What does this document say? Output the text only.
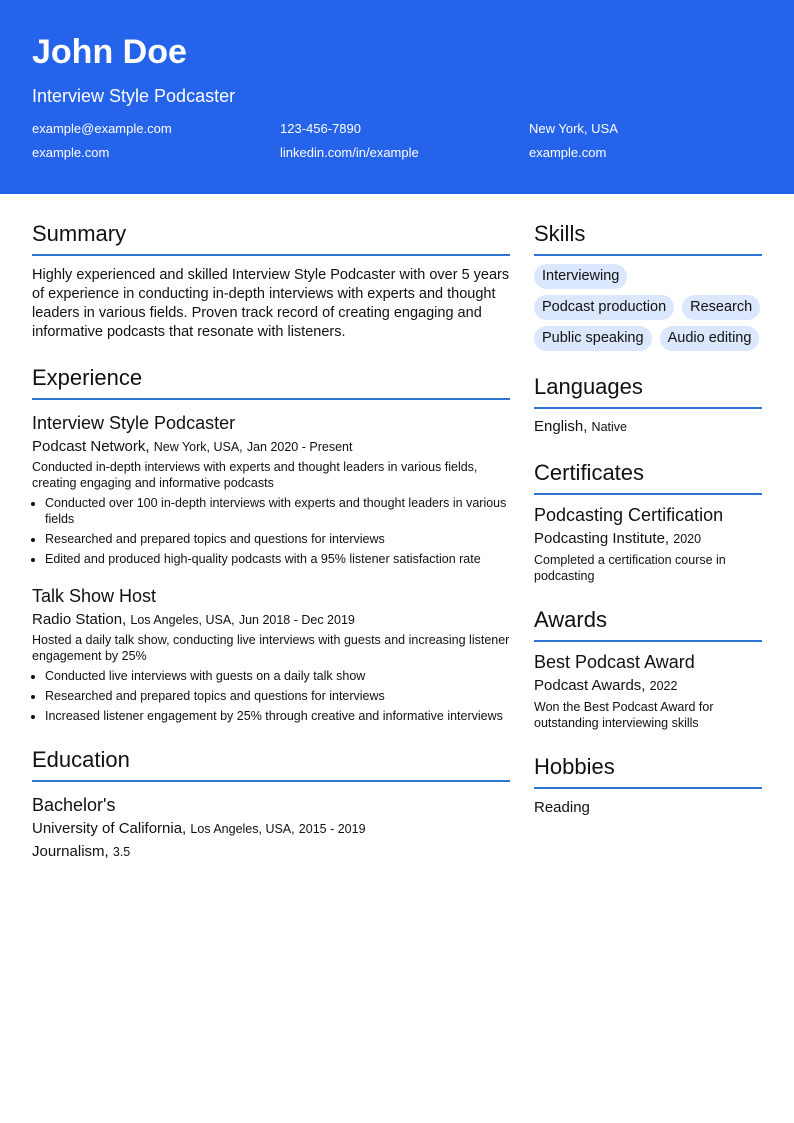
John Doe
Interview Style Podcaster
example@example.com	123-456-7890	New York, USA
example.com	linkedin.com/in/example	example.com
Summary
Highly experienced and skilled Interview Style Podcaster with over 5 years of experience in conducting in-depth interviews with experts and thought leaders in various fields. Proven track record of creating engaging and informative podcasts that resonate with listeners.
Experience
Interview Style Podcaster
Podcast Network, New York, USA, Jan 2020 - Present
Conducted in-depth interviews with experts and thought leaders in various fields, creating engaging and informative podcasts
• Conducted over 100 in-depth interviews with experts and thought leaders in various fields
• Researched and prepared topics and questions for interviews
• Edited and produced high-quality podcasts with a 95% listener satisfaction rate
Talk Show Host
Radio Station, Los Angeles, USA, Jun 2018 - Dec 2019
Hosted a daily talk show, conducting live interviews with guests and increasing listener engagement by 25%
• Conducted live interviews with guests on a daily talk show
• Researched and prepared topics and questions for interviews
• Increased listener engagement by 25% through creative and informative interviews
Education
Bachelor's
University of California, Los Angeles, USA, 2015 - 2019
Journalism, 3.5
Skills
Interviewing
Podcast production	Research
Public speaking	Audio editing
Languages
English, Native
Certificates
Podcasting Certification
Podcasting Institute, 2020
Completed a certification course in podcasting
Awards
Best Podcast Award
Podcast Awards, 2022
Won the Best Podcast Award for outstanding interviewing skills
Hobbies
Reading
